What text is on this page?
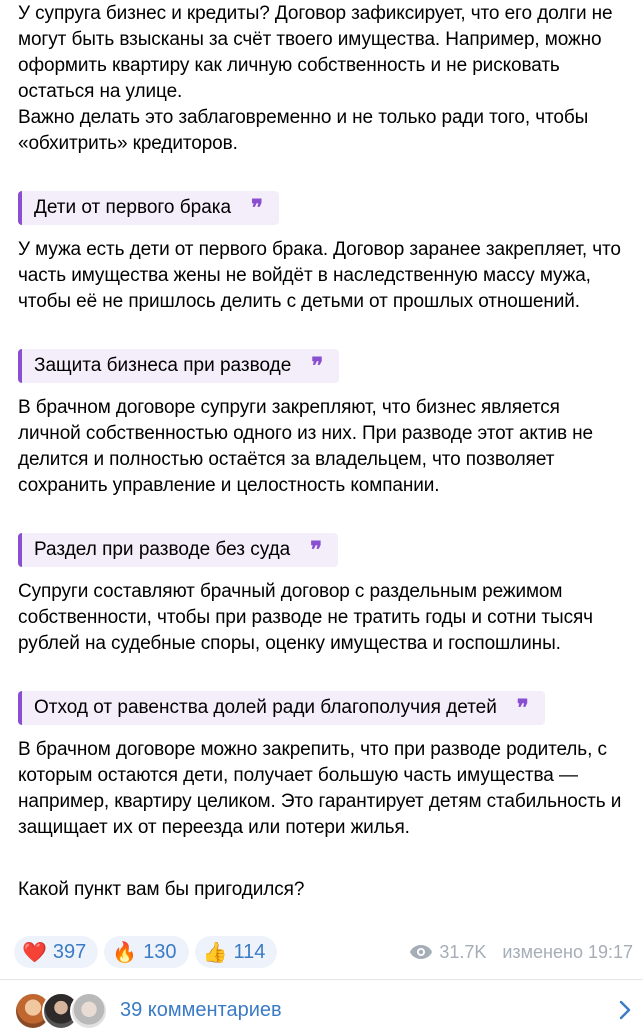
У супруга бизнес и кредиты? Договор зафиксирует, что его долги не могут быть взысканы за счёт твоего имущества. Например, можно оформить квартиру как личную собственность и не рисковать остаться на улице.

Важно делать это заблаговременно и не только ради того, чтобы «обхитрить» кредиторов.

Дети от первого брака ❞

У мужа есть дети от первого брака. Договор заранее закрепляет, что часть имущества жены не войдёт в наследственную массу мужа, чтобы её не пришлось делить с детьми от прошлых отношений.

Защита бизнеса при разводе ❞

В брачном договоре супруги закрепляют, что бизнес является личной собственностью одного из них. При разводе этот актив не делится и полностью остаётся за владельцем, что позволяет сохранить управление и целостность компании.

Раздел при разводе без суда ❞

Супруги составляют брачный договор с раздельным режимом собственности, чтобы при разводе не тратить годы и сотни тысяч рублей на судебные споры, оценку имущества и госпошлины.

Отход от равенства долей ради благополучия детей ❞

В брачном договоре можно закрепить, что при разводе родитель, с которым остаются дети, получает большую часть имущества — например, квартиру целиком. Это гарантирует детям стабильность и защищает их от переезда или потери жилья.

Какой пункт вам бы пригодился?

❤️ 397 🔥 130 👍 114	31.7K изменено 19:17
39 комментариев
